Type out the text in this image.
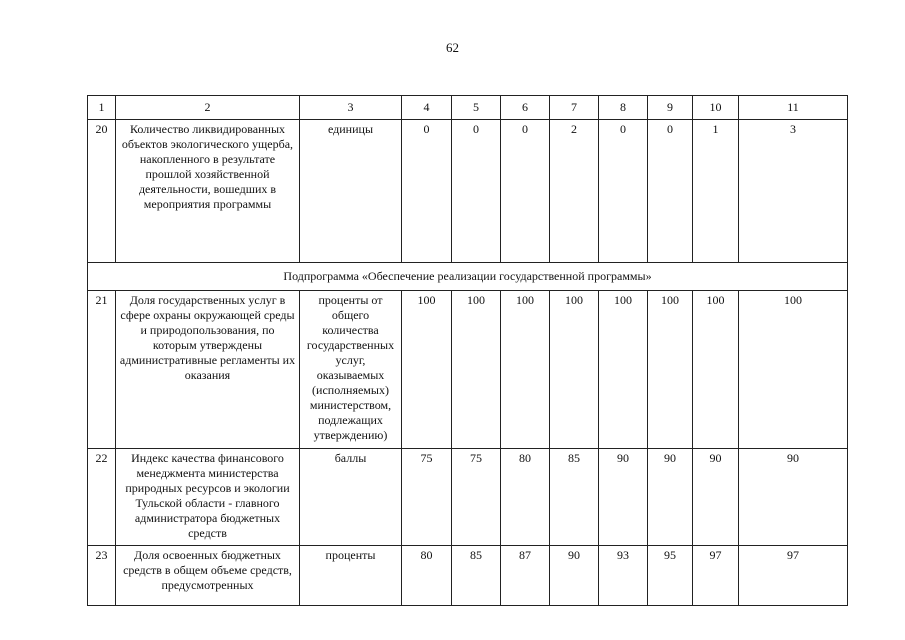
62
1	2	3	4	5	6	7	8	9	10	11
20	Количество ликвидированных объектов экологического ущерба, накопленного в результате прошлой хозяйственной деятельности, вошедших в мероприятия программы	единицы	0	0	0	2	0	0	1	3
Подпрограмма «Обеспечение реализации государственной программы»										
21	Доля государственных услуг в сфере охраны окружающей среды и природопользования, по которым утверждены административные регламенты их оказания	проценты от общего количества государственных услуг, оказываемых (исполняемых) министерством, подлежащих утверждению)	100	100	100	100	100	100	100	100
22	Индекс качества финансового менеджмента министерства природных ресурсов и экологии Тульской области - главного администратора бюджетных средств	баллы	75	75	80	85	90	90	90	90
23	Доля освоенных бюджетных средств в общем объеме средств, предусмотренных	проценты	80	85	87	90	93	95	97	97
